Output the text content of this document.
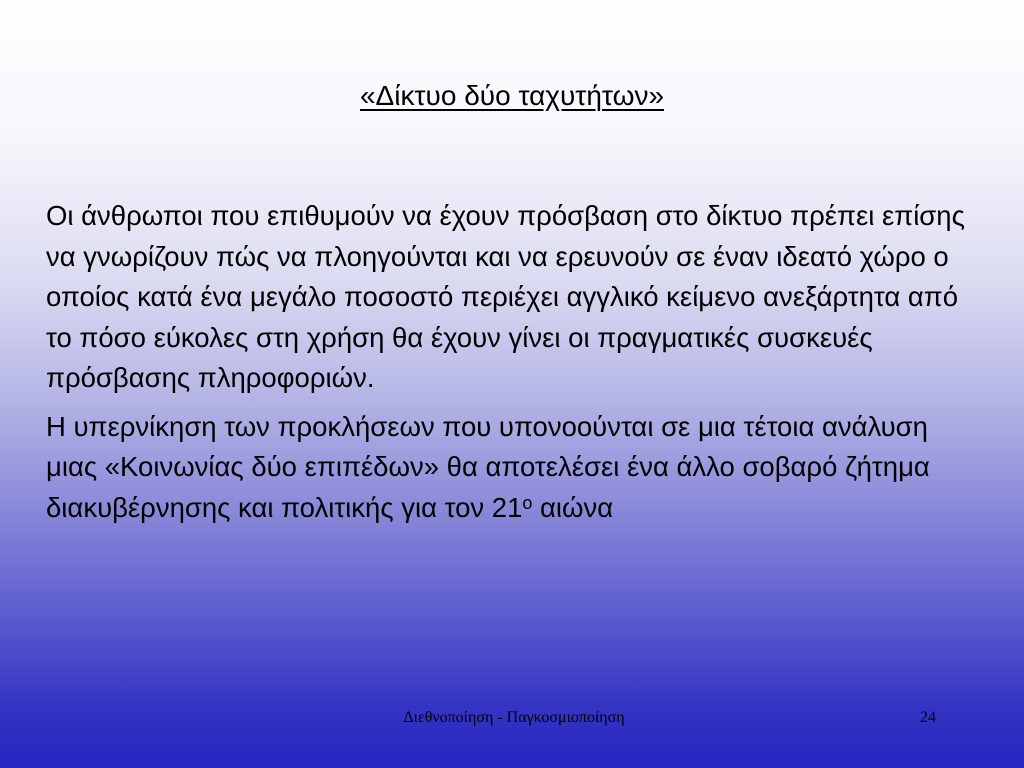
«Δίκτυο δύο ταχυτήτων»

Οι άνθρωποι που επιθυμούν να έχουν πρόσβαση στο δίκτυο πρέπει επίσης να γνωρίζουν πώς να πλοηγούνται και να ερευνούν σε έναν ιδεατό χώρο ο οποίος κατά ένα μεγάλο ποσοστό περιέχει αγγλικό κείμενο ανεξάρτητα από το πόσο εύκολες στη χρήση θα έχουν γίνει οι πραγματικές συσκευές πρόσβασης πληροφοριών.

Η υπερνίκηση των προκλήσεων που υπονοούνται σε μια τέτοια ανάλυση μιας «Κοινωνίας δύο επιπέδων» θα αποτελέσει ένα άλλο σοβαρό ζήτημα διακυβέρνησης και πολιτικής για τον $21^o$ αιώνα

Διεθνοποίηση - Παγκοσμιοποίηση	24
